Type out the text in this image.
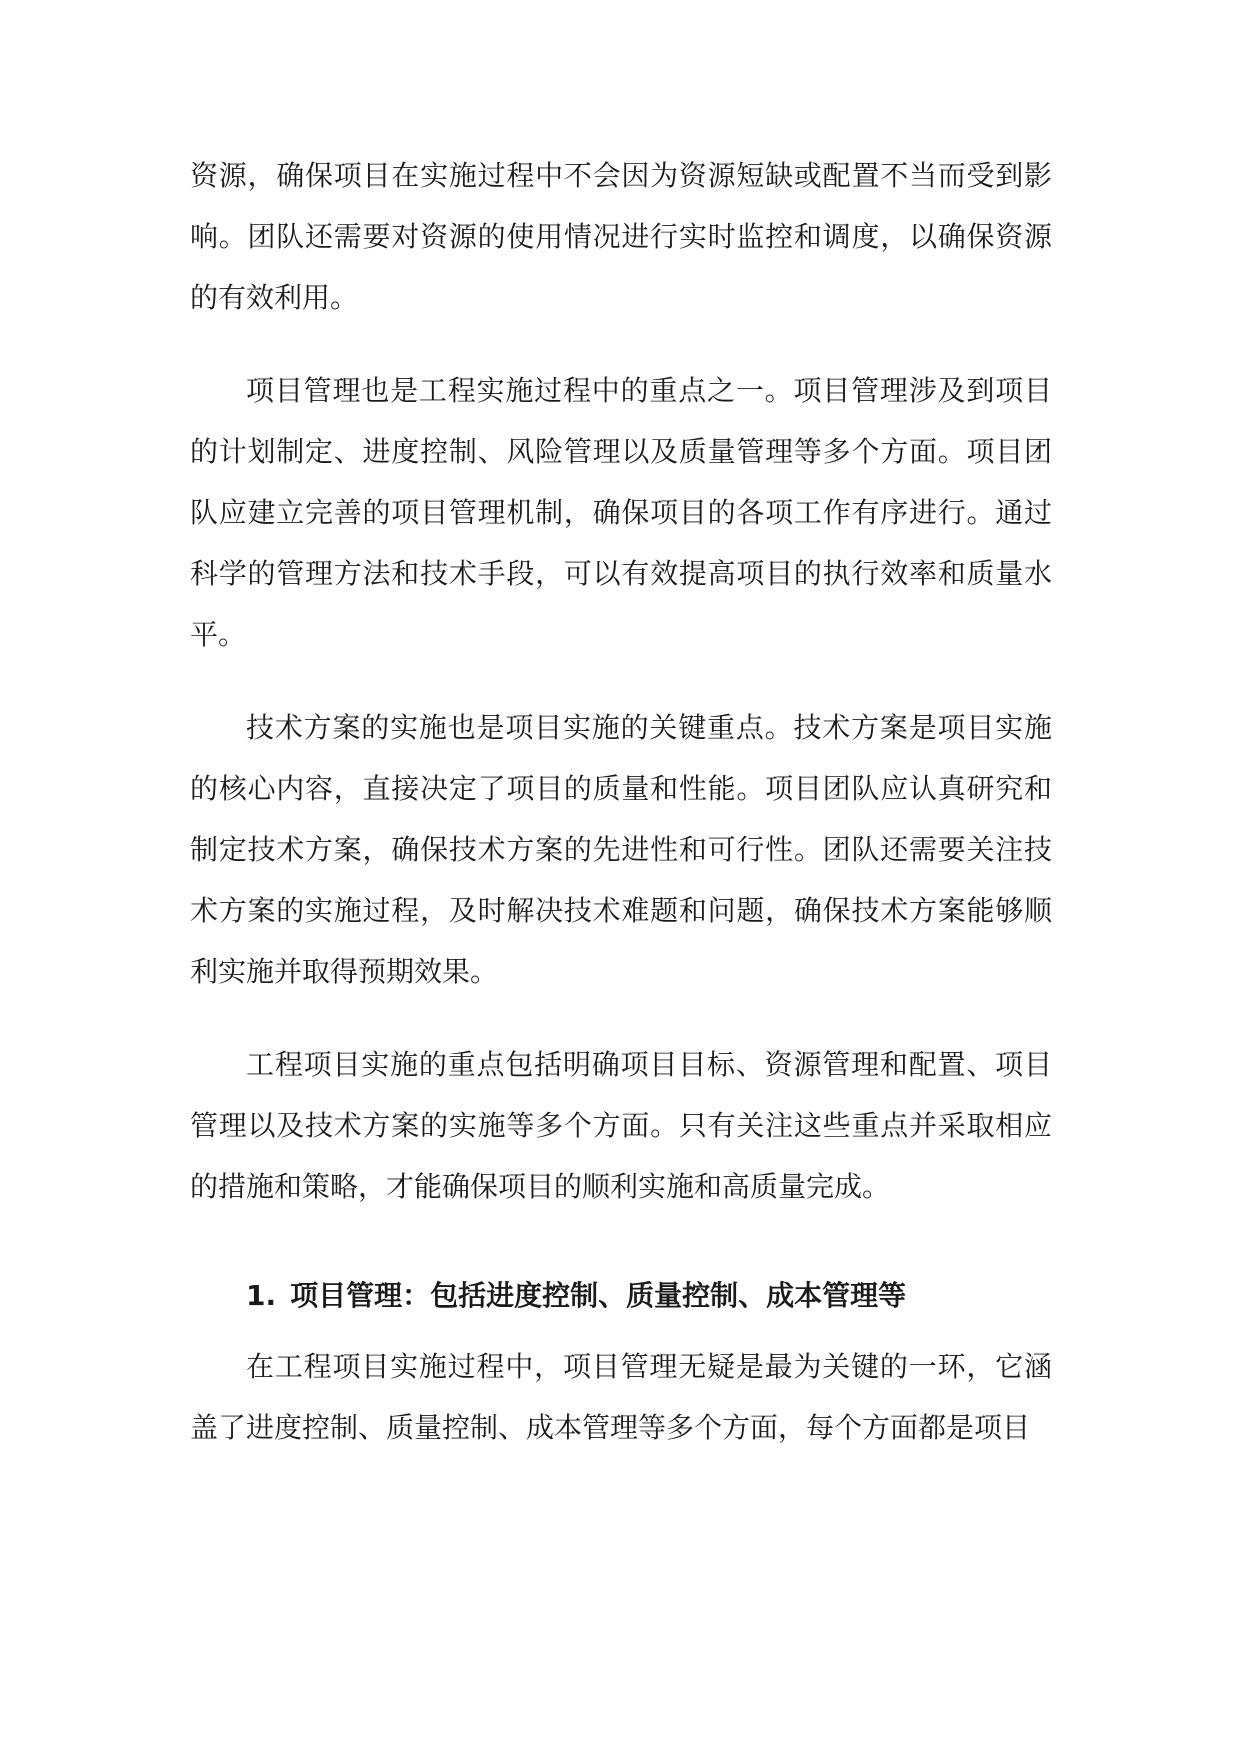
资源，确保项目在实施过程中不会因为资源短缺或配置不当而受到影响。团队还需要对资源的使用情况进行实时监控和调度，以确保资源的有效利用。

项目管理也是工程实施过程中的重点之一。项目管理涉及到项目的计划制定、进度控制、风险管理以及质量管理等多个方面。项目团队应建立完善的项目管理机制，确保项目的各项工作有序进行。通过科学的管理方法和技术手段，可以有效提高项目的执行效率和质量水平。

技术方案的实施也是项目实施的关键重点。技术方案是项目实施的核心内容，直接决定了项目的质量和性能。项目团队应认真研究和制定技术方案，确保技术方案的先进性和可行性。团队还需要关注技术方案的实施过程，及时解决技术难题和问题，确保技术方案能够顺利实施并取得预期效果。

工程项目实施的重点包括明确项目目标、资源管理和配置、项目管理以及技术方案的实施等多个方面。只有关注这些重点并采取相应的措施和策略，才能确保项目的顺利实施和高质量完成。

1. 项目管理：包括进度控制、质量控制、成本管理等

在工程项目实施过程中，项目管理无疑是最为关键的一环，它涵盖了进度控制、质量控制、成本管理等多个方面，每个方面都是项目
